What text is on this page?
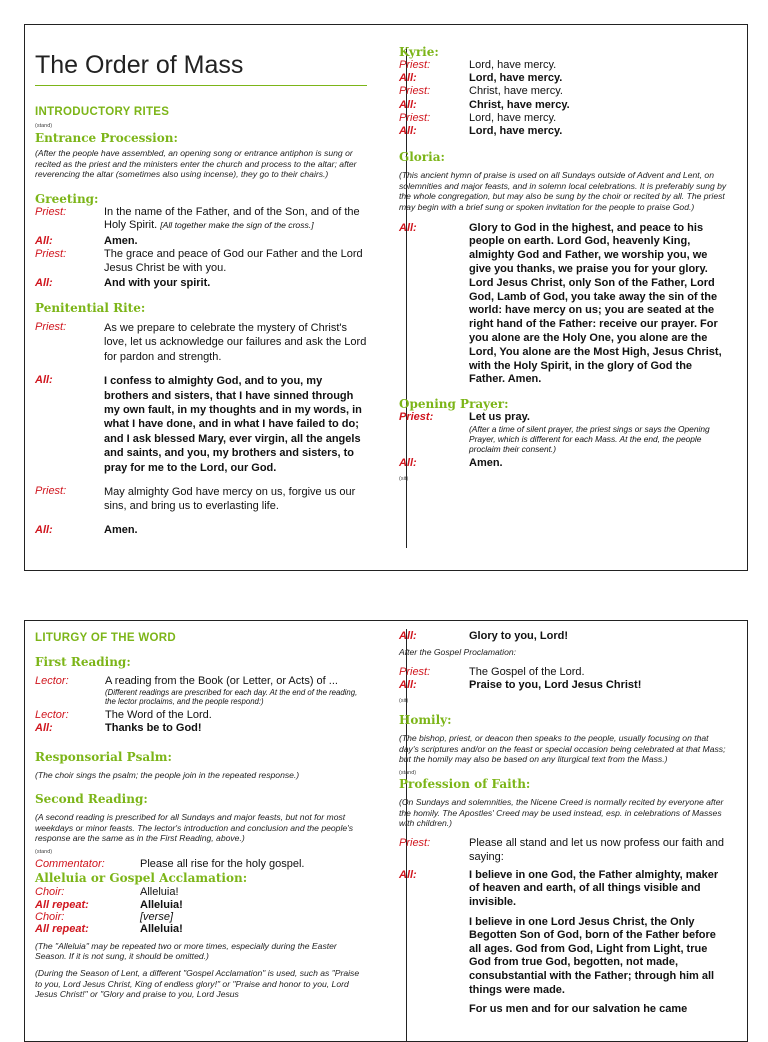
The Order of Mass
INTRODUCTORY RITES
(stand)
Entrance Procession:
(After the people have assembled, an opening song or entrance antiphon is sung or recited as the priest and the ministers enter the church and process to the altar; after reverencing the altar (sometimes also using incense), they go to their chairs.)
Greeting:
Priest:	In the name of the Father, and of the Son, and of the Holy Spirit. [All together make the sign of the cross.]
All:	Amen.
Priest:	The grace and peace of God our Father and the Lord Jesus Christ be with you.
All:	And with your spirit.
Penitential Rite:
Priest:	As we prepare to celebrate the mystery of Christ's love, let us acknowledge our failures and ask the Lord for pardon and strength.
All:	I confess to almighty God, and to you, my brothers and sisters, that I have sinned through my own fault, in my thoughts and in my words, in what I have done, and in what I have failed to do; and I ask blessed Mary, ever virgin, all the angels and saints, and you, my brothers and sisters, to pray for me to the Lord, our God.
Priest:	May almighty God have mercy on us, forgive us our sins, and bring us to everlasting life.
All:	Amen.
Kyrie:
Priest:	Lord, have mercy.
All:	Lord, have mercy.
Priest:	Christ, have mercy.
All:	Christ, have mercy.
Priest:	Lord, have mercy.
All:	Lord, have mercy.
Gloria:
(This ancient hymn of praise is used on all Sundays outside of Advent and Lent, on solemnities and major feasts, and in solemn local celebrations. It is preferably sung by the whole congregation, but may also be sung by the choir or recited by all. The priest may begin with a brief sung or spoken invitation for the people to praise God.)
All:	Glory to God in the highest, and peace to his people on earth. Lord God, heavenly King, almighty God and Father, we worship you, we give you thanks, we praise you for your glory. Lord Jesus Christ, only Son of the Father, Lord God, Lamb of God, you take away the sin of the world: have mercy on us; you are seated at the right hand of the Father: receive our prayer. For you alone are the Holy One, you alone are the Lord, You alone are the Most High, Jesus Christ, with the Holy Spirit, in the glory of God the Father. Amen.
Opening Prayer:
Priest:	Let us pray.
(After a time of silent prayer, the priest sings or says the Opening Prayer, which is different for each Mass. At the end, the people proclaim their consent.)
All:	Amen.
(sit)
LITURGY OF THE WORD
First Reading:
Lector:	A reading from the Book (or Letter, or Acts) of ...
(Different readings are prescribed for each day. At the end of the reading, the lector proclaims, and the people respond:)
Lector:	The Word of the Lord.
All:	Thanks be to God!
Responsorial Psalm:
(The choir sings the psalm; the people join in the repeated response.)
Second Reading:
(A second reading is prescribed for all Sundays and major feasts, but not for most weekdays or minor feasts. The lector's introduction and conclusion and the people's response are the same as in the First Reading, above.)
(stand)
Commentator:	Please all rise for the holy gospel.
Alleluia or Gospel Acclamation:
Choir:	Alleluia!
All repeat:	Alleluia!
Choir:	[verse]
All repeat:	Alleluia!
(The "Alleluia" may be repeated two or more times, especially during the Easter Season. If it is not sung, it should be omitted.)
(During the Season of Lent, a different "Gospel Acclamation" is used, such as "Praise to you, Lord Jesus Christ, King of endless glory!" or "Praise and honor to you, Lord Jesus Christ!" or "Glory and praise to you, Lord Jesus
All:	Glory to you, Lord!
After the Gospel Proclamation:
Priest:	The Gospel of the Lord.
All:	Praise to you, Lord Jesus Christ!
(sit)
Homily:
(The bishop, priest, or deacon then speaks to the people, usually focusing on that day's scriptures and/or on the feast or special occasion being celebrated at that Mass; but the homily may also be based on any liturgical text from the Mass.)
(stand)
Profession of Faith:
(On Sundays and solemnities, the Nicene Creed is normally recited by everyone after the homily. The Apostles' Creed may be used instead, esp. in celebrations of Masses with children.)
Priest:	Please all stand and let us now profess our faith and saying:
All:	I believe in one God, the Father almighty, maker of heaven and earth, of all things visible and invisible.
I believe in one Lord Jesus Christ, the Only Begotten Son of God, born of the Father before all ages. God from God, Light from Light, true God from true God, begotten, not made, consubstantial with the Father; through him all things were made.
For us men and for our salvation he came
